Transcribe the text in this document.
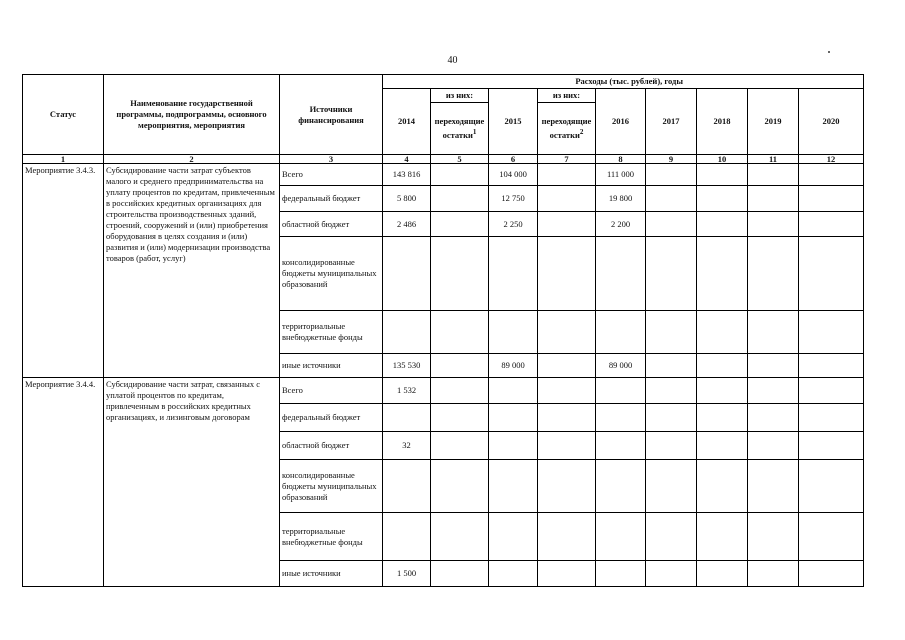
40
Статус	Наименование государственной программы, подпрограммы, основного мероприятия, мероприятия	Источники финансирования	Расходы (тыс. рублей), годы								
			2014	из них:	2015	из них:	2016	2017	2018	2019	2020
				переходящие остатки$^1$		переходящие остатки$^2$
1	2	3	4	5	6	7	8	9	10	11	12
Мероприятие 3.4.3.	Субсидирование части затрат субъектов малого и среднего предпринимательства на уплату процентов по кредитам, привлеченным в российских кредитных организациях для строительства производственных зданий, строений, сооружений и (или) приобретения оборудования в целях создания и (или) развития и (или) модернизации производства товаров (работ, услуг)	Всего	143 816		104 000		111 000				
		федеральный бюджет	5 800		12 750		19 800				
		областной бюджет	2 486		2 250		2 200				
		консолидированные бюджеты муниципальных образований									
		территориальные внебюджетные фонды									
		иные источники	135 530		89 000		89 000				
Мероприятие 3.4.4.	Субсидирование части затрат, связанных с уплатой процентов по кредитам, привлеченным в российских кредитных организациях, и лизинговым договорам	Всего	1 532								
		федеральный бюджет									
		областной бюджет	32								
		консолидированные бюджеты муниципальных образований									
		территориальные внебюджетные фонды									
		иные источники	1 500								
